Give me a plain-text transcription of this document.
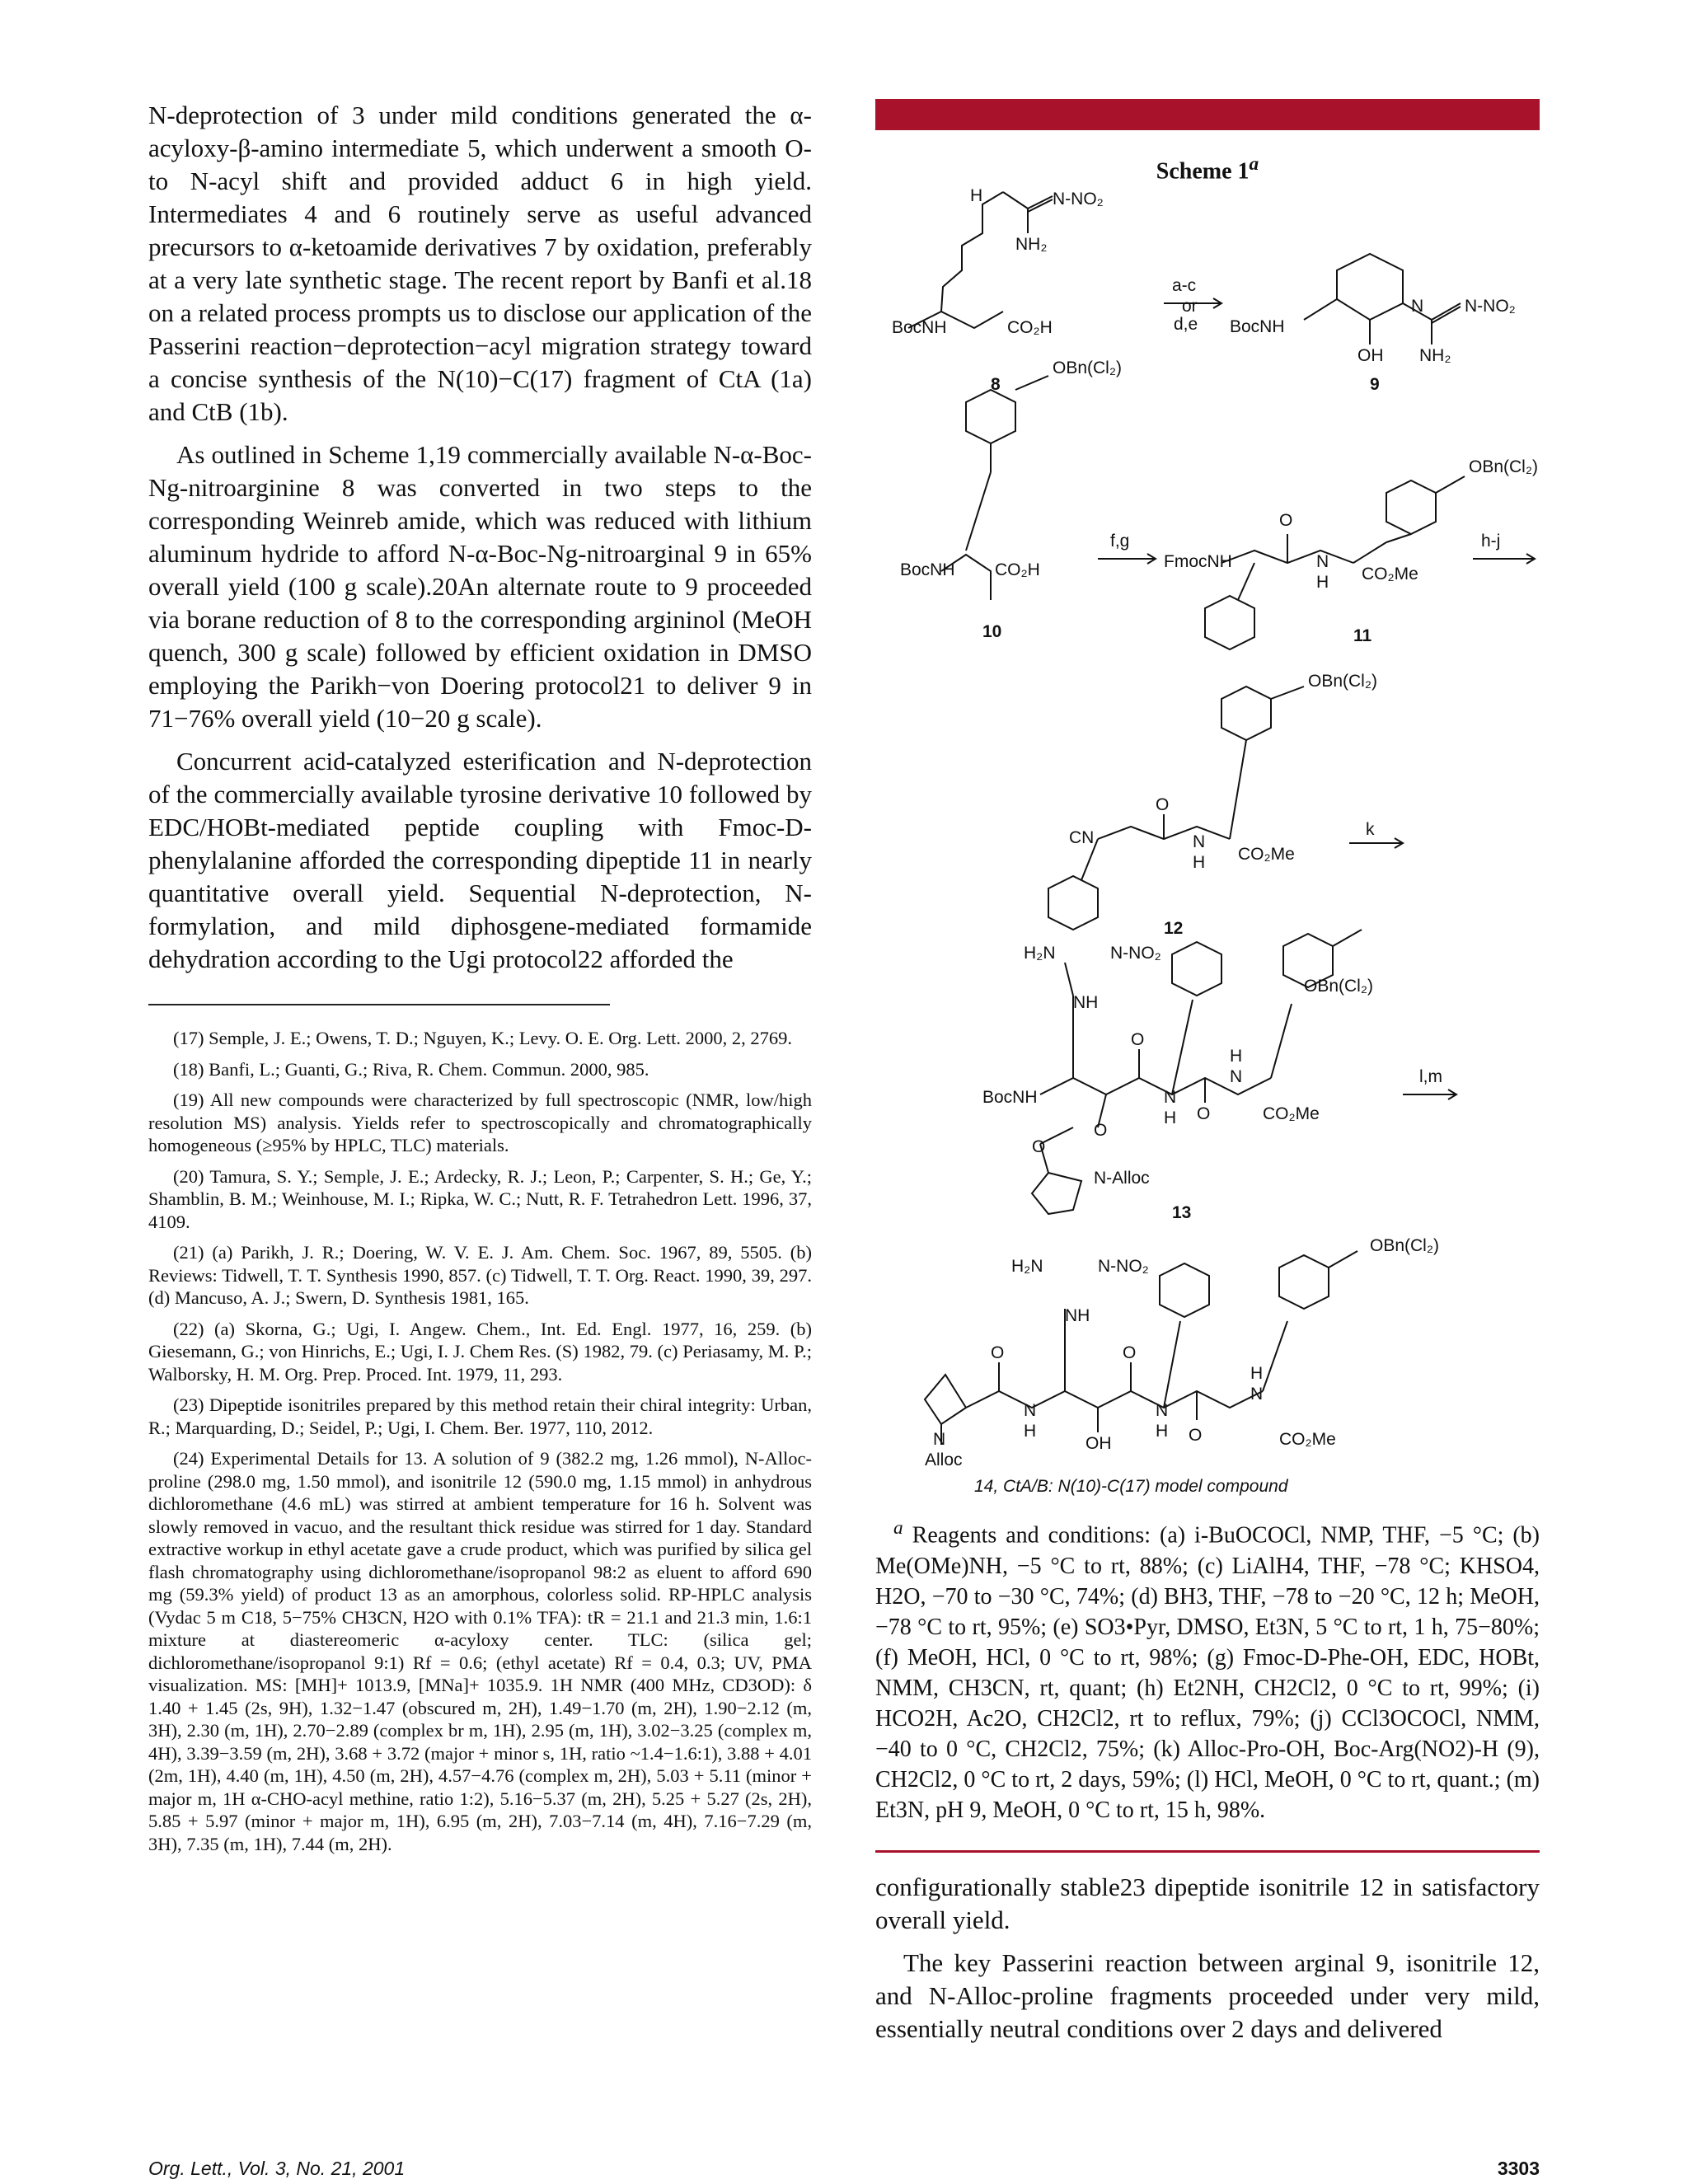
N-deprotection of 3 under mild conditions generated the α-acyloxy-β-amino intermediate 5, which underwent a smooth O- to N-acyl shift and provided adduct 6 in high yield. Intermediates 4 and 6 routinely serve as useful advanced precursors to α-ketoamide derivatives 7 by oxidation, preferably at a very late synthetic stage. The recent report by Banfi et al.18 on a related process prompts us to disclose our application of the Passerini reaction−deprotection−acyl migration strategy toward a concise synthesis of the N(10)−C(17) fragment of CtA (1a) and CtB (1b).

As outlined in Scheme 1,19 commercially available N-α-Boc-Ng-nitroarginine 8 was converted in two steps to the corresponding Weinreb amide, which was reduced with lithium aluminum hydride to afford N-α-Boc-Ng-nitroarginal 9 in 65% overall yield (100 g scale).20An alternate route to 9 proceeded via borane reduction of 8 to the corresponding argininol (MeOH quench, 300 g scale) followed by efficient oxidation in DMSO employing the Parikh−von Doering protocol21 to deliver 9 in 71−76% overall yield (10−20 g scale).

Concurrent acid-catalyzed esterification and N-deprotection of the commercially available tyrosine derivative 10 followed by EDC/HOBt-mediated peptide coupling with Fmoc-D-phenylalanine afforded the corresponding dipeptide 11 in nearly quantitative overall yield. Sequential N-deprotection, N-formylation, and mild diphosgene-mediated formamide dehydration according to the Ugi protocol22 afforded the

(17) Semple, J. E.; Owens, T. D.; Nguyen, K.; Levy. O. E. Org. Lett. 2000, 2, 2769.

(18) Banfi, L.; Guanti, G.; Riva, R. Chem. Commun. 2000, 985.

(19) All new compounds were characterized by full spectroscopic (NMR, low/high resolution MS) analysis. Yields refer to spectroscopically and chromatographically homogeneous (≥95% by HPLC, TLC) materials.

(20) Tamura, S. Y.; Semple, J. E.; Ardecky, R. J.; Leon, P.; Carpenter, S. H.; Ge, Y.; Shamblin, B. M.; Weinhouse, M. I.; Ripka, W. C.; Nutt, R. F. Tetrahedron Lett. 1996, 37, 4109.

(21) (a) Parikh, J. R.; Doering, W. V. E. J. Am. Chem. Soc. 1967, 89, 5505. (b) Reviews: Tidwell, T. T. Synthesis 1990, 857. (c) Tidwell, T. T. Org. React. 1990, 39, 297. (d) Mancuso, A. J.; Swern, D. Synthesis 1981, 165.

(22) (a) Skorna, G.; Ugi, I. Angew. Chem., Int. Ed. Engl. 1977, 16, 259. (b) Giesemann, G.; von Hinrichs, E.; Ugi, I. J. Chem Res. (S) 1982, 79. (c) Periasamy, M. P.; Walborsky, H. M. Org. Prep. Proced. Int. 1979, 11, 293.

(23) Dipeptide isonitriles prepared by this method retain their chiral integrity: Urban, R.; Marquarding, D.; Seidel, P.; Ugi, I. Chem. Ber. 1977, 110, 2012.

(24) Experimental Details for 13. A solution of 9 (382.2 mg, 1.26 mmol), N-Alloc-proline (298.0 mg, 1.50 mmol), and isonitrile 12 (590.0 mg, 1.15 mmol) in anhydrous dichloromethane (4.6 mL) was stirred at ambient temperature for 16 h. Solvent was slowly removed in vacuo, and the resultant thick residue was stirred for 1 day. Standard extractive workup in ethyl acetate gave a crude product, which was purified by silica gel flash chromatography using dichloromethane/isopropanol 98:2 as eluent to afford 690 mg (59.3% yield) of product 13 as an amorphous, colorless solid. RP-HPLC analysis (Vydac 5 m C18, 5−75% CH3CN, H2O with 0.1% TFA): tR = 21.1 and 21.3 min, 1.6:1 mixture at diastereomeric α-acyloxy center. TLC: (silica gel; dichloromethane/isopropanol 9:1) Rf = 0.6; (ethyl acetate) Rf = 0.4, 0.3; UV, PMA visualization. MS: [MH]+ 1013.9, [MNa]+ 1035.9. 1H NMR (400 MHz, CD3OD): δ 1.40 + 1.45 (2s, 9H), 1.32−1.47 (obscured m, 2H), 1.49−1.70 (m, 2H), 1.90−2.12 (m, 3H), 2.30 (m, 1H), 2.70−2.89 (complex br m, 1H), 2.95 (m, 1H), 3.02−3.25 (complex m, 4H), 3.39−3.59 (m, 2H), 3.68 + 3.72 (major + minor s, 1H, ratio ~1.4−1.6:1), 3.88 + 4.01 (2m, 1H), 4.40 (m, 1H), 4.50 (m, 2H), 4.57−4.76 (complex m, 2H), 5.03 + 5.11 (minor + major m, 1H α-CHO-acyl methine, ratio 1:2), 5.16−5.37 (m, 2H), 5.25 + 5.27 (2s, 2H), 5.85 + 5.97 (minor + major m, 1H), 6.95 (m, 2H), 7.03−7.14 (m, 4H), 7.16−7.29 (m, 3H), 7.35 (m, 1H), 7.44 (m, 2H).

Scheme 1$^a$
BocNH	CO₂H
H	N-NO₂
NH₂
8
a-c
or
d,e BocNH
N N-NO₂
OH NH₂
9
OBn(Cl₂)
BocNH CO₂H
10
f,g
FmocNH
O
N
H CO₂Me
OBn(Cl₂)
11
h-j
OBn(Cl₂)
CN
O
N
H CO₂Me
12
k
H₂N	N-NO₂
NH
OBn(Cl₂)
BocNH
O
N
H O
H
N
CO₂Me
O
O
N-Alloc
13
l,m
H₂N	N-NO₂
NH
OBn(Cl₂)
O
N
H
O
OH
N
H O
H
N
CO₂Me
N
Alloc
14, CtA/B: N(10)-C(17) model compound

$^a$ Reagents and conditions: (a) i-BuOCOCl, NMP, THF, −5 °C; (b) Me(OMe)NH, −5 °C to rt, 88%; (c) LiAlH4, THF, −78 °C; KHSO4, H2O, −70 to −30 °C, 74%; (d) BH3, THF, −78 to −20 °C, 12 h; MeOH, −78 °C to rt, 95%; (e) SO3•Pyr, DMSO, Et3N, 5 °C to rt, 1 h, 75−80%; (f) MeOH, HCl, 0 °C to rt, 98%; (g) Fmoc-D-Phe-OH, EDC, HOBt, NMM, CH3CN, rt, quant; (h) Et2NH, CH2Cl2, 0 °C to rt, 99%; (i) HCO2H, Ac2O, CH2Cl2, rt to reflux, 79%; (j) CCl3OCOCl, NMM, −40 to 0 °C, CH2Cl2, 75%; (k) Alloc-Pro-OH, Boc-Arg(NO2)-H (9), CH2Cl2, 0 °C to rt, 2 days, 59%; (l) HCl, MeOH, 0 °C to rt, quant.; (m) Et3N, pH 9, MeOH, 0 °C to rt, 15 h, 98%.

configurationally stable23 dipeptide isonitrile 12 in satisfactory overall yield.

The key Passerini reaction between arginal 9, isonitrile 12, and N-Alloc-proline fragments proceeded under very mild, essentially neutral conditions over 2 days and delivered

Org. Lett., Vol. 3, No. 21, 2001	3303
